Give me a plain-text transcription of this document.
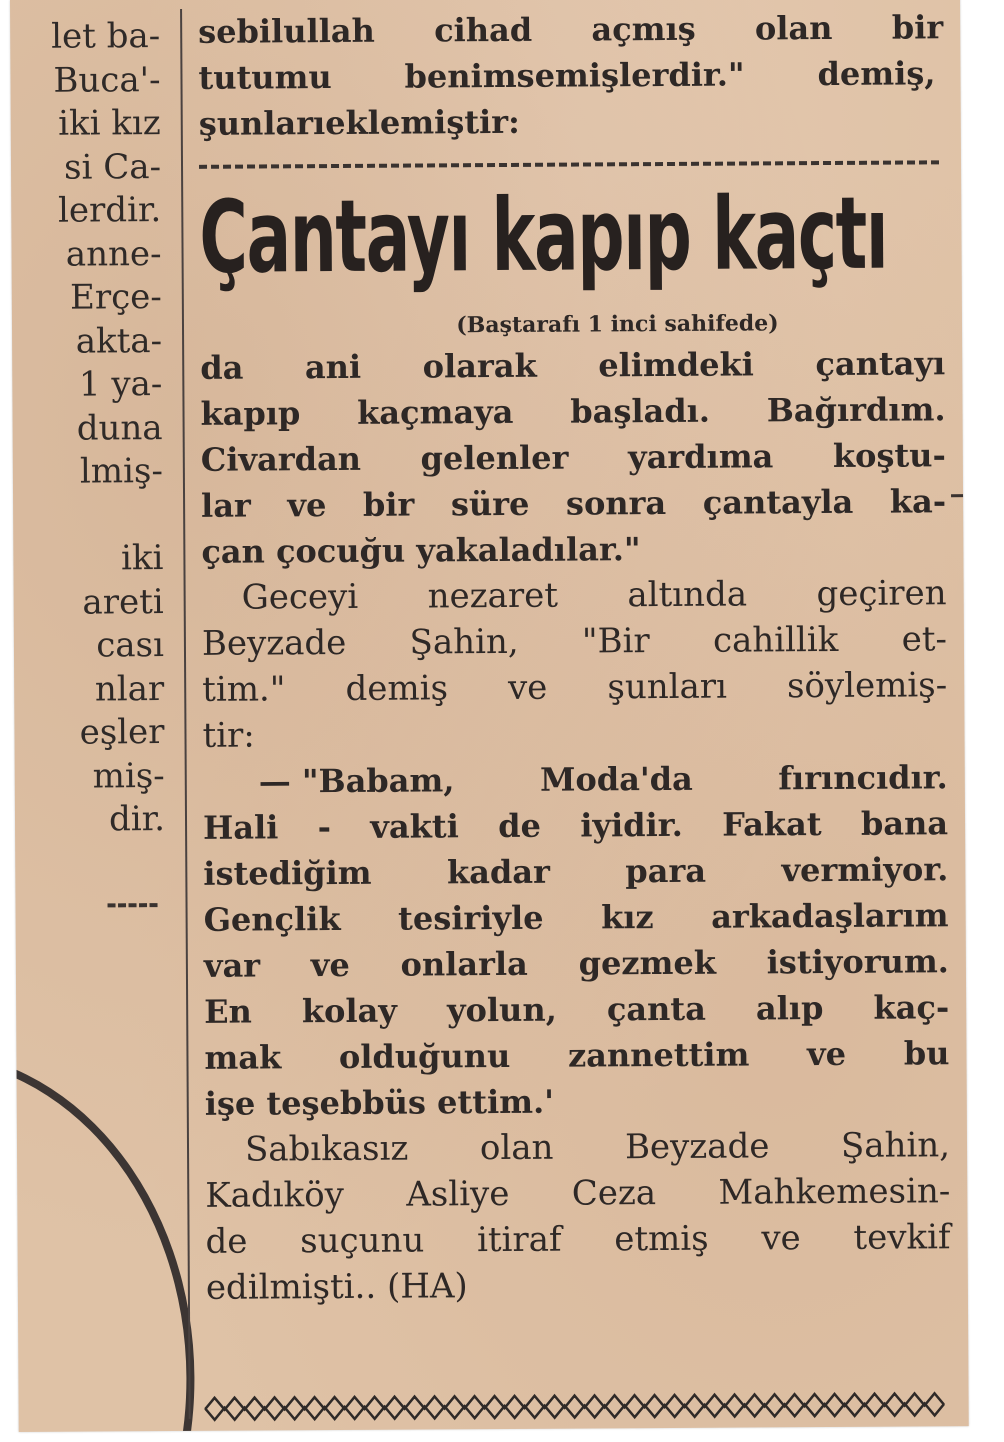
let ba-
Buca'-
iki kız
si Ca-
lerdir.
anne-
Erçe-
akta-
1 ya-
duna
lmiş-

iki
areti
cası
nlar
eşler
miş-
dir.
sebilullah cihad açmış olan bir
tutumu benimsemişlerdir." demiş,
şunlarıeklemiştir:
Çantayı kapıp kaçtı
(Baştarafı 1 inci sahifede)
da ani olarak elimdeki çantayı
kapıp kaçmaya başladı. Bağırdım.
Civardan gelenler yardıma koştu-
lar ve bir süre sonra çantayla ka-
çan çocuğu yakaladılar."
Geceyi nezaret altında geçiren
Beyzade Şahin, "Bir cahillik et-
tim." demiş ve şunları söylemiş-
tir:
— "Babam,	Moda'da	fırıncıdır.
Hali - vakti de iyidir. Fakat bana
istediğim kadar para vermiyor.
Gençlik tesiriyle kız arkadaşlarım
var ve onlarla gezmek istiyorum.
En kolay yolun, çanta alıp kaç-
mak olduğunu zannettim ve bu
işe teşebbüs ettim.'
Sabıkasız olan Beyzade Şahin,
Kadıköy Asliye Ceza Mahkemesin-
de suçunu itiraf etmiş ve tevkif
edilmişti.. (HA)
